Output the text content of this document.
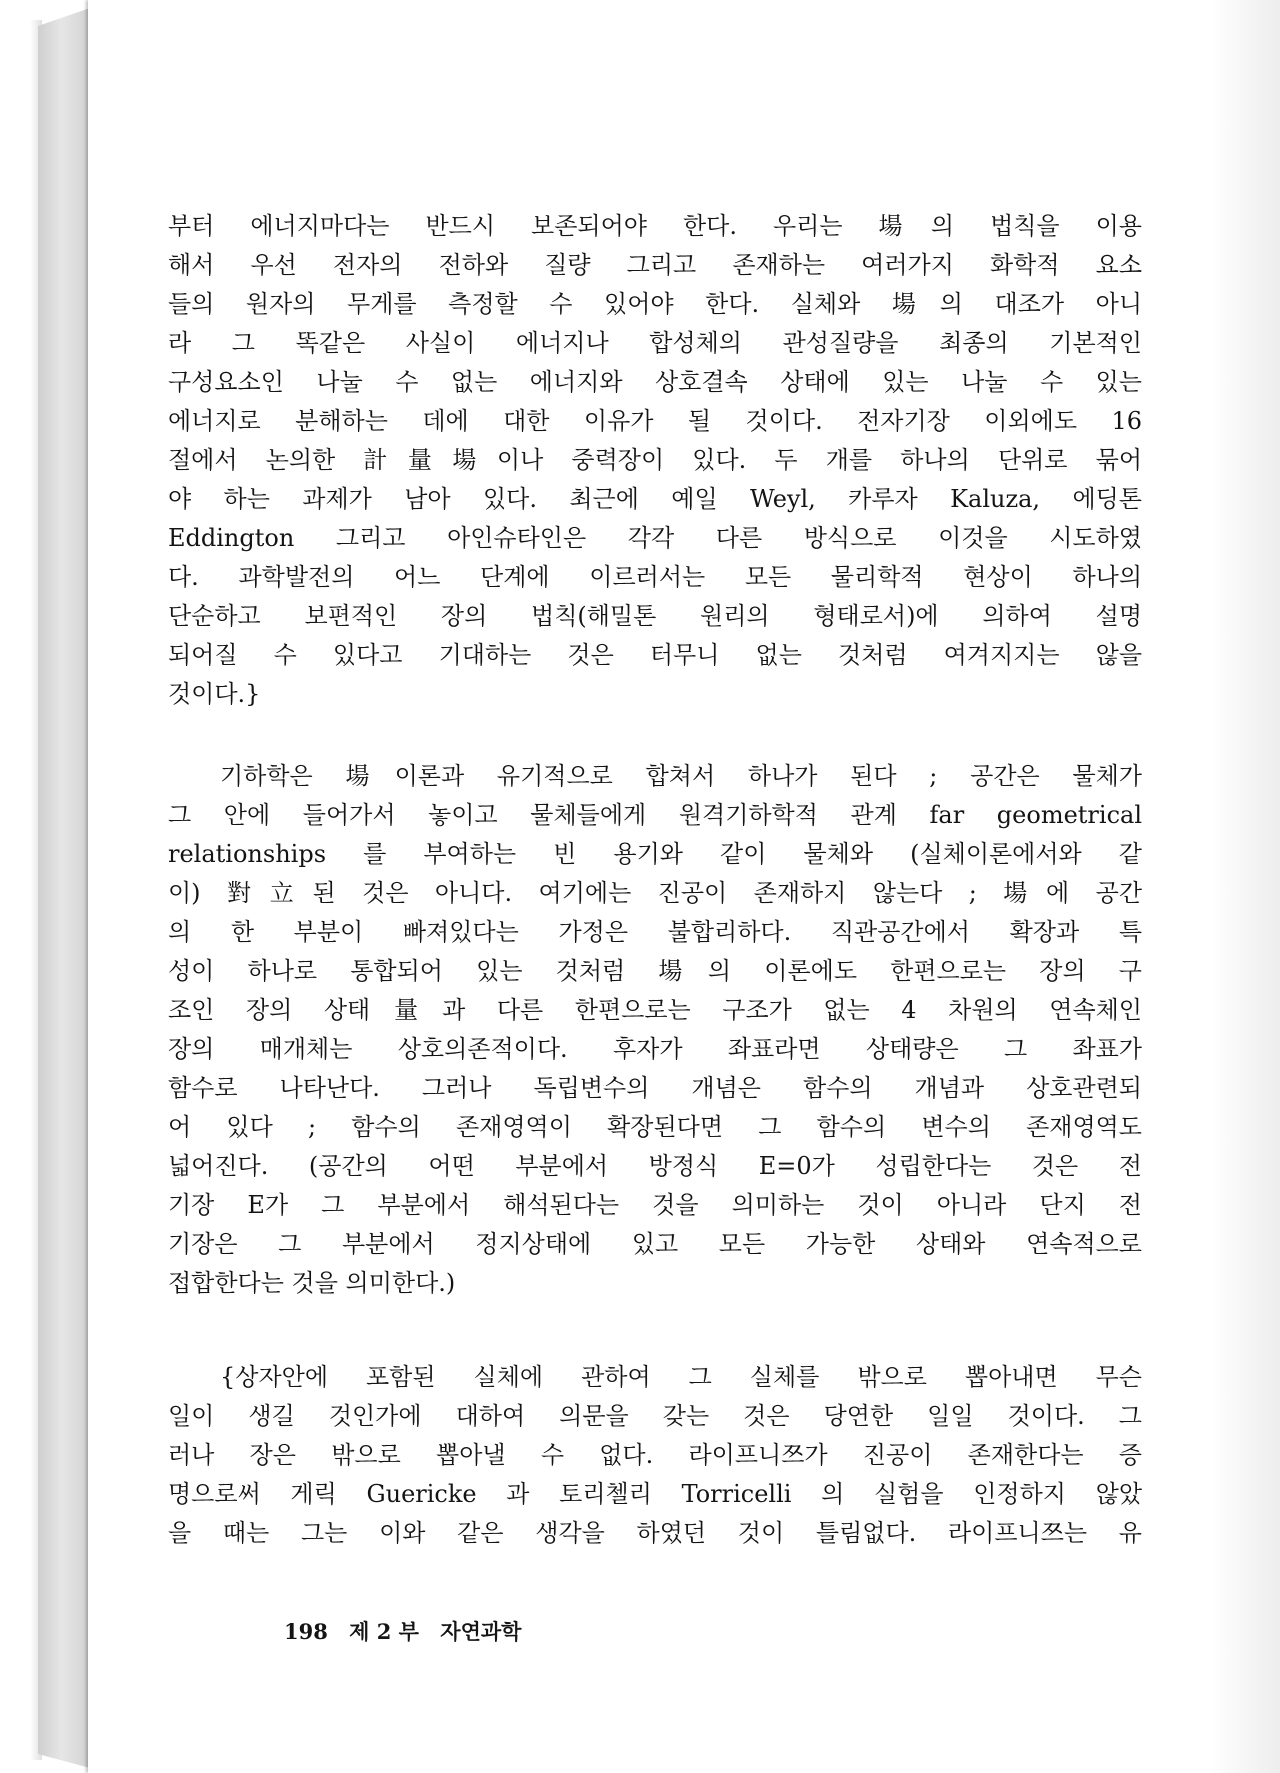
부터 에너지마다는 반드시 보존되어야 한다. 우리는 場의 법칙을 이용
해서 우선 전자의 전하와 질량 그리고 존재하는 여러가지 화학적 요소
들의 원자의 무게를 측정할 수 있어야 한다. 실체와 場의 대조가 아니
라 그 똑같은 사실이 에너지나 합성체의 관성질량을 최종의 기본적인
구성요소인 나눌 수 없는 에너지와 상호결속 상태에 있는 나눌 수 있는
에너지로 분해하는 데에 대한 이유가 될 것이다. 전자기장 이외에도 16
절에서 논의한 計量場이나 중력장이 있다. 두 개를 하나의 단위로 묶어
야 하는 과제가 남아 있다. 최근에 예일 Weyl, 카루자 Kaluza, 에딩톤
Eddington 그리고 아인슈타인은 각각 다른 방식으로 이것을 시도하였
다. 과학발전의 어느 단계에 이르러서는 모든 물리학적 현상이 하나의
단순하고 보편적인 장의 법칙(해밀톤 원리의 형태로서)에 의하여 설명
되어질 수 있다고 기대하는 것은 터무니 없는 것처럼 여겨지지는 않을
것이다.}
기하학은 場이론과 유기적으로 합쳐서 하나가 된다 ; 공간은 물체가
그 안에 들어가서 놓이고 물체들에게 원격기하학적 관계 far geometrical
relationships 를 부여하는 빈 용기와 같이 물체와 (실체이론에서와 같
이) 對立된 것은 아니다. 여기에는 진공이 존재하지 않는다 ; 場에 공간
의 한 부분이 빠져있다는 가정은 불합리하다. 직관공간에서 확장과 특
성이 하나로 통합되어 있는 것처럼 場의 이론에도 한편으로는 장의 구
조인 장의 상태量과 다른 한편으로는 구조가 없는 4 차원의 연속체인
장의 매개체는 상호의존적이다. 후자가 좌표라면 상태량은 그 좌표가
함수로 나타난다. 그러나 독립변수의 개념은 함수의 개념과 상호관련되
어 있다 ; 함수의 존재영역이 확장된다면 그 함수의 변수의 존재영역도
넓어진다. (공간의 어떤 부분에서 방정식 E=0가 성립한다는 것은 전
기장 E가 그 부분에서 해석된다는 것을 의미하는 것이 아니라 단지 전
기장은 그 부분에서 정지상태에 있고 모든 가능한 상태와 연속적으로
접합한다는 것을 의미한다.)
{상자안에 포함된 실체에 관하여 그 실체를 밖으로 뽑아내면 무슨
일이 생길 것인가에 대하여 의문을 갖는 것은 당연한 일일 것이다. 그
러나 장은 밖으로 뽑아낼 수 없다. 라이프니쯔가 진공이 존재한다는 증
명으로써 게릭 Guericke 과 토리첼리 Torricelli 의 실험을 인정하지 않았
을 때는 그는 이와 같은 생각을 하였던 것이 틀림없다. 라이프니쯔는 유
198 제 2 부 자연과학
